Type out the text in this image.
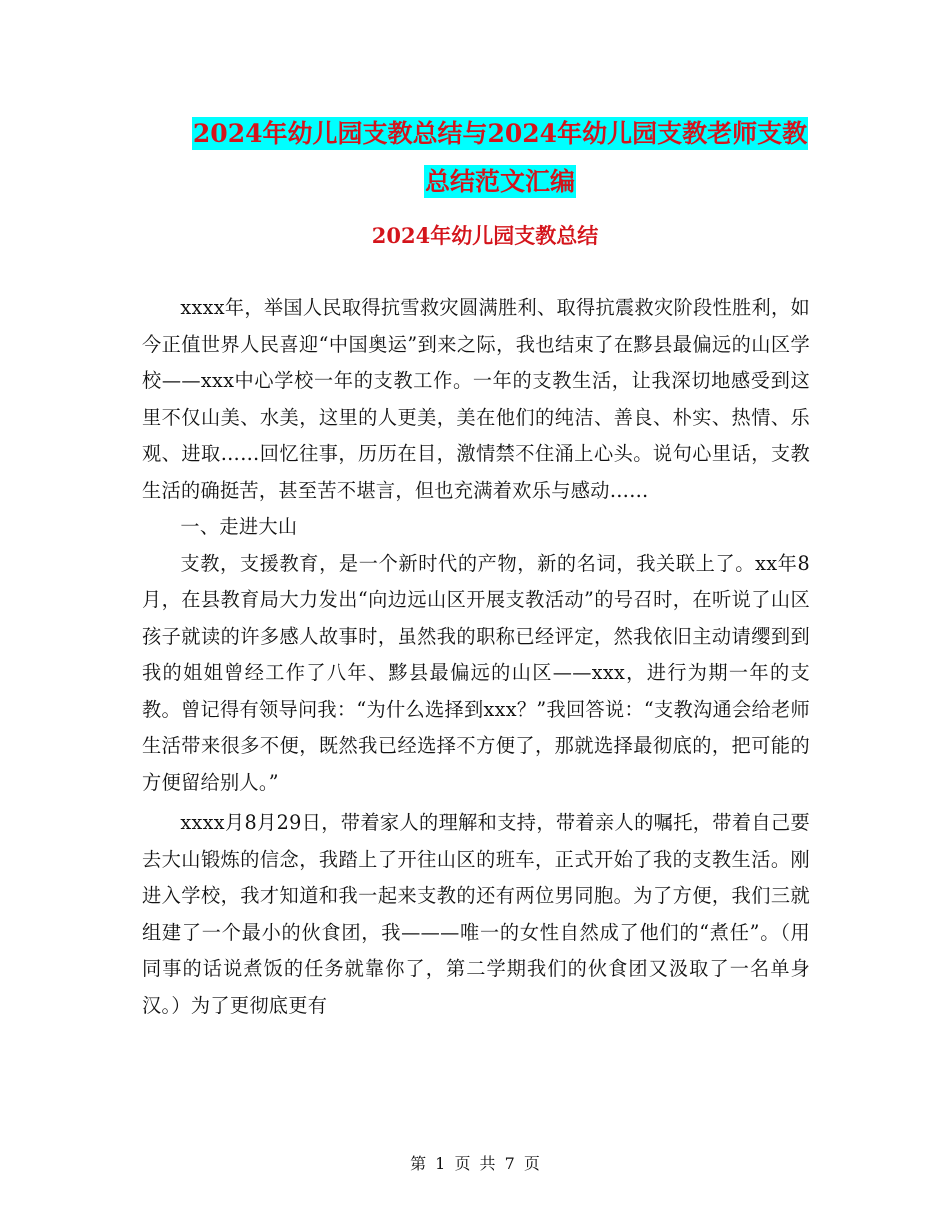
2024年幼儿园支教总结与2024年幼儿园支教老师支教
总结范文汇编
2024年幼儿园支教总结

xxxx年，举国人民取得抗雪救灾圆满胜利、取得抗震救灾阶段性胜利，如今正值世界人民喜迎“中国奥运”到来之际，我也结束了在黟县最偏远的山区学校——xxx中心学校一年的支教工作。一年的支教生活，让我深切地感受到这里不仅山美、水美，这里的人更美，美在他们的纯洁、善良、朴实、热情、乐观、进取……回忆往事，历历在目，激情禁不住涌上心头。说句心里话，支教生活的确挺苦，甚至苦不堪言，但也充满着欢乐与感动……

一、走进大山

支教，支援教育，是一个新时代的产物，新的名词，我关联上了。xx年8月，在县教育局大力发出“向边远山区开展支教活动”的号召时，在听说了山区孩子就读的许多感人故事时，虽然我的职称已经评定，然我依旧主动请缨到到我的姐姐曾经工作了八年、黟县最偏远的山区——xxx，进行为期一年的支教。曾记得有领导问我：“为什么选择到xxx？”我回答说：“支教沟通会给老师生活带来很多不便，既然我已经选择不方便了，那就选择最彻底的，把可能的方便留给别人。”

xxxx月8月29日，带着家人的理解和支持，带着亲人的嘱托，带着自己要去大山锻炼的信念，我踏上了开往山区的班车，正式开始了我的支教生活。刚进入学校，我才知道和我一起来支教的还有两位男同胞。为了方便，我们三就组建了一个最小的伙食团，我———唯一的女性自然成了他们的“煮任”。（用同事的话说煮饭的任务就靠你了，第二学期我们的伙食团又汲取了一名单身汉。）为了更彻底更有

第 1 页 共 7 页
